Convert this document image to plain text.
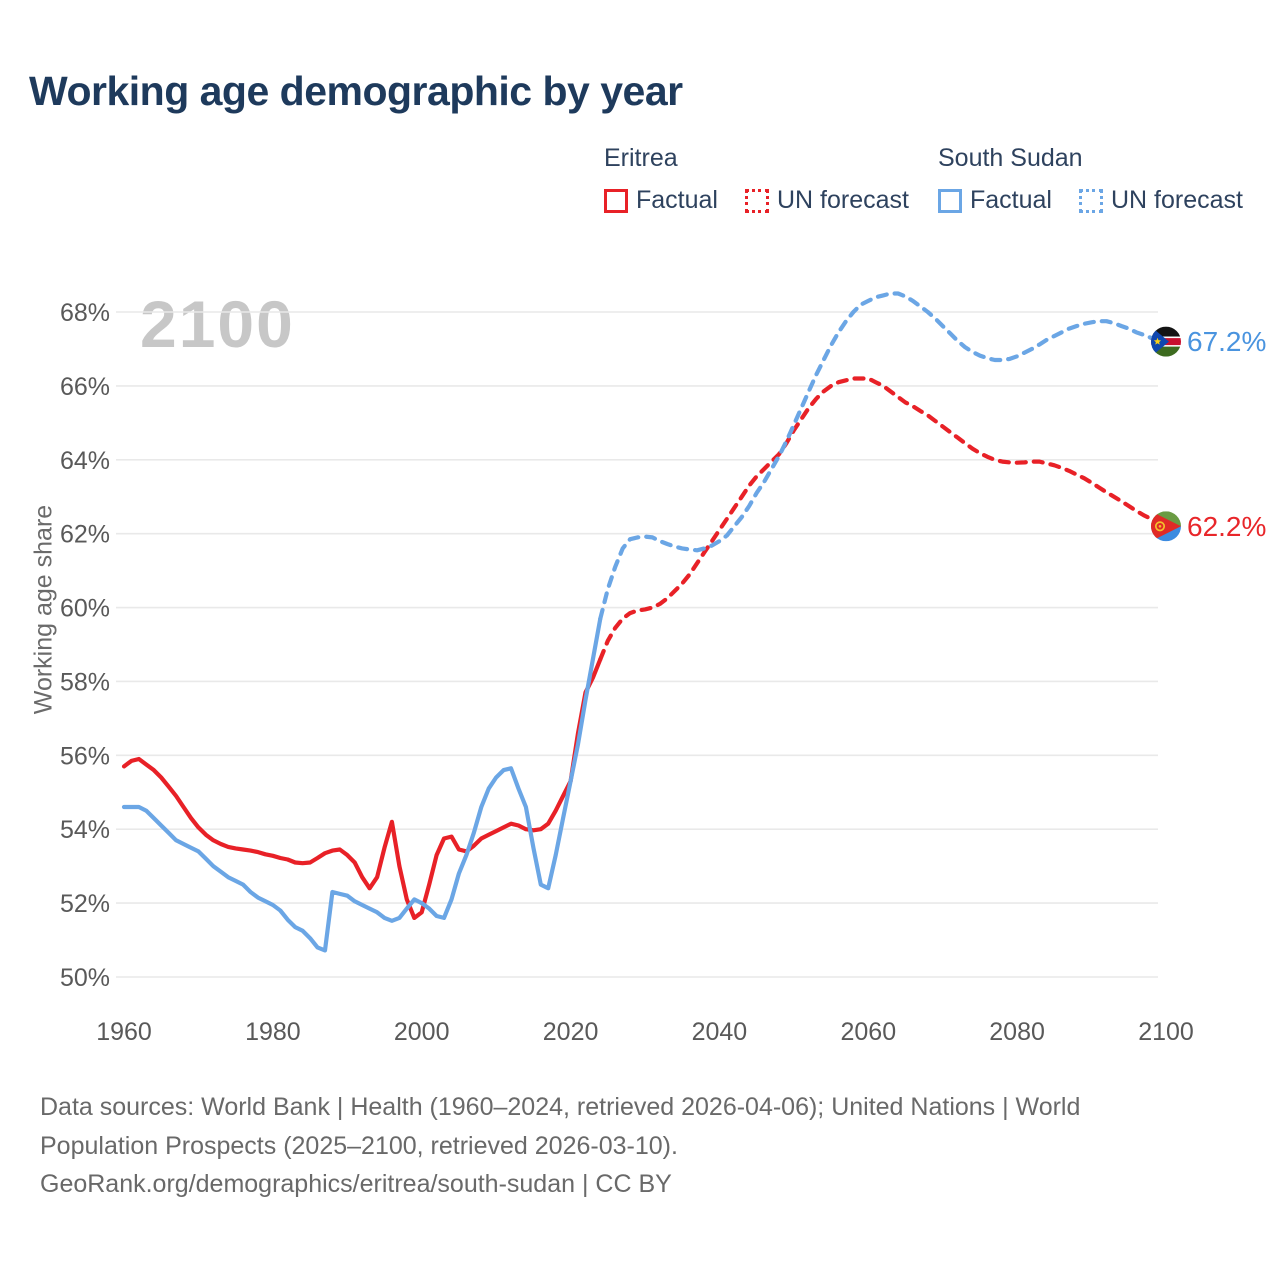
Working age demographic by year
Eritrea
Factual UN forecast
South Sudan
Factual UN forecast
Working age share
2100
50%
52%
54%
56%
58%
60%
62%
64%
66%
68%
1960	1980	2000	2020	2040	2060	2080	2100
67.2%
62.2%
Data sources: World Bank | Health (1960–2024, retrieved 2026-04-06); United Nations | World
Population Prospects (2025–2100, retrieved 2026-03-10).
GeoRank.org/demographics/eritrea/south-sudan | CC BY
